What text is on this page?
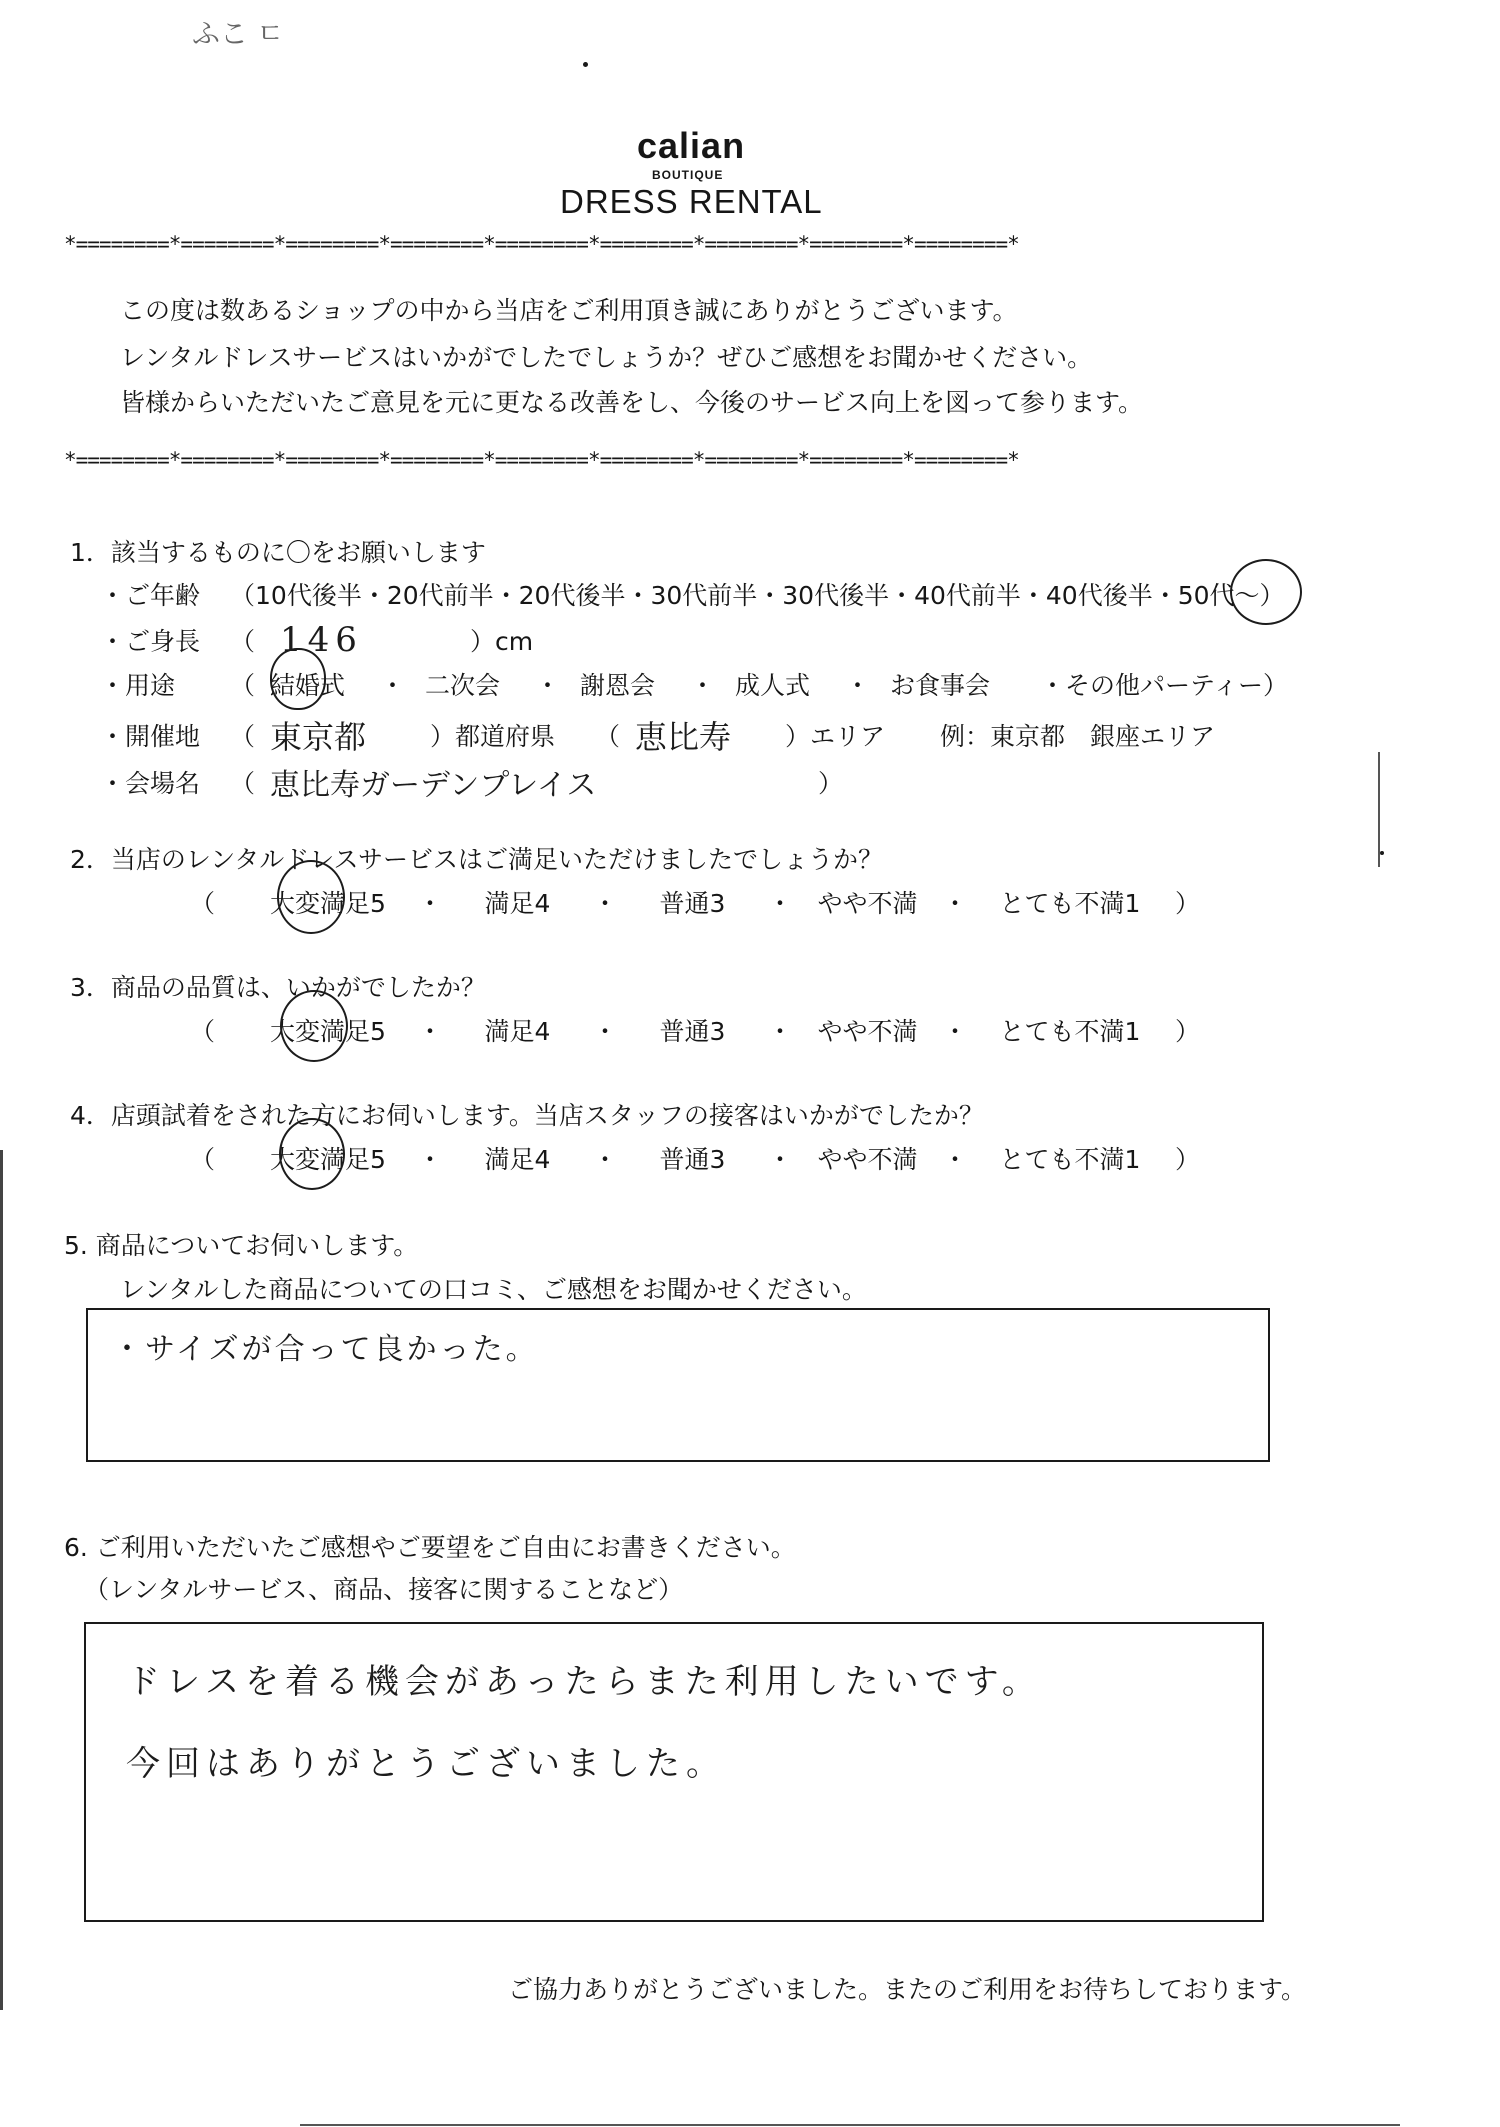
ふこ ㄷ
calian
BOUTIQUE
DRESS RENTAL
*========*========*========*========*========*========*========*========*========*
*========*========*========*========*========*========*========*========*========*
この度は数あるショップの中から当店をご利用頂き誠にありがとうございます。
レンタルドレスサービスはいかがでしたでしょうか？ぜひご感想をお聞かせください。
皆様からいただいたご意見を元に更なる改善をし、今後のサービス向上を図って参ります。
1．該当するものに〇をお願いします
・ご年齢	（ 10代後半・20代前半・20代後半・30代前半・30代後半・40代前半・40代後半・ 50代〜 ）
・ご身長	（ 146	）cm
・用途	（ 結婚式	・ 二次会	・ 謝恩会	・ 成人式	・ お食事会	・その他パーティー）
・開催地	（ 東京都	）都道府県	（ 恵比寿	）エリア	例：東京都　銀座エリア
・会場名	（ 恵比寿ガーデンプレイス	）
2．当店のレンタルドレスサービスはご満足いただけましたでしょうか？
（	大変満足5	・	満足4	・	普通3	・ やや不満 ・	とても不満1	）
3．商品の品質は、いかがでしたか？
（	大変満足5	・	満足4	・	普通3	・ やや不満 ・	とても不満1	）
4．店頭試着をされた方にお伺いします。当店スタッフの接客はいかがでしたか？
（	大変満足5	・	満足4	・	普通3	・ やや不満 ・	とても不満1	）
5. 商品についてお伺いします。
レンタルした商品についての口コミ、ご感想をお聞かせください。
・サイズが合って良かった。
6. ご利用いただいたご感想やご要望をご自由にお書きください。
（レンタルサービス、商品、接客に関することなど）
ドレスを着る機会があったらまた利用したいです。
今回はありがとうございました。
ご協力ありがとうございました。またのご利用をお待ちしております。
